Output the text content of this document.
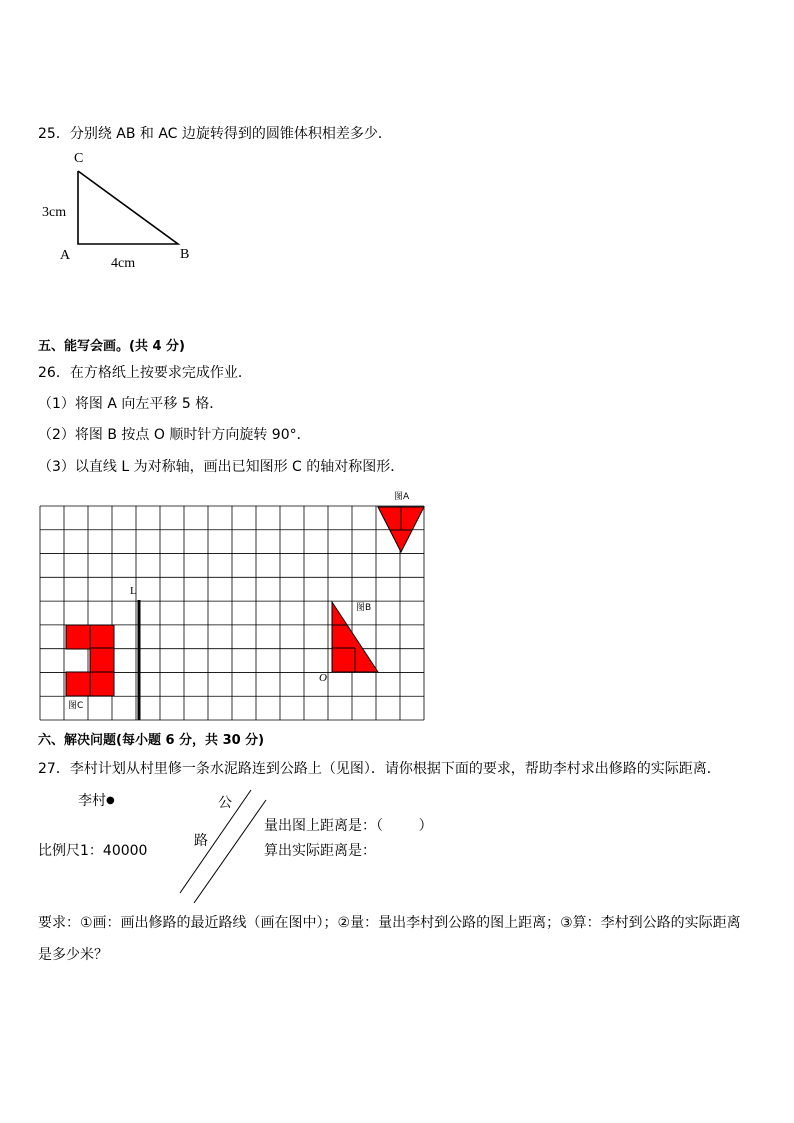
25．分别绕 AB 和 AC 边旋转得到的圆锥体积相差多少．
C
A	B
3cm
4cm
五、能写会画。(共 4 分)
26．在方格纸上按要求完成作业．
（1）将图 A 向左平移 5 格．
（2）将图 B 按点 O 顺时针方向旋转 90°．
（3）以直线 L 为对称轴，画出已知图形 C 的轴对称图形．
图A
图B
图C
L
O
六、解决问题(每小题 6 分，共 30 分)
27．李村计划从村里修一条水泥路连到公路上（见图）．请你根据下面的要求，帮助李村求出修路的实际距离．
李村●
比例尺1：40000
公
路
量出图上距离是：（        ）
算出实际距离是：
要求：①画：画出修路的最近路线（画在图中）；②量：量出李村到公路的图上距离；③算：李村到公路的实际距离
是多少米？
